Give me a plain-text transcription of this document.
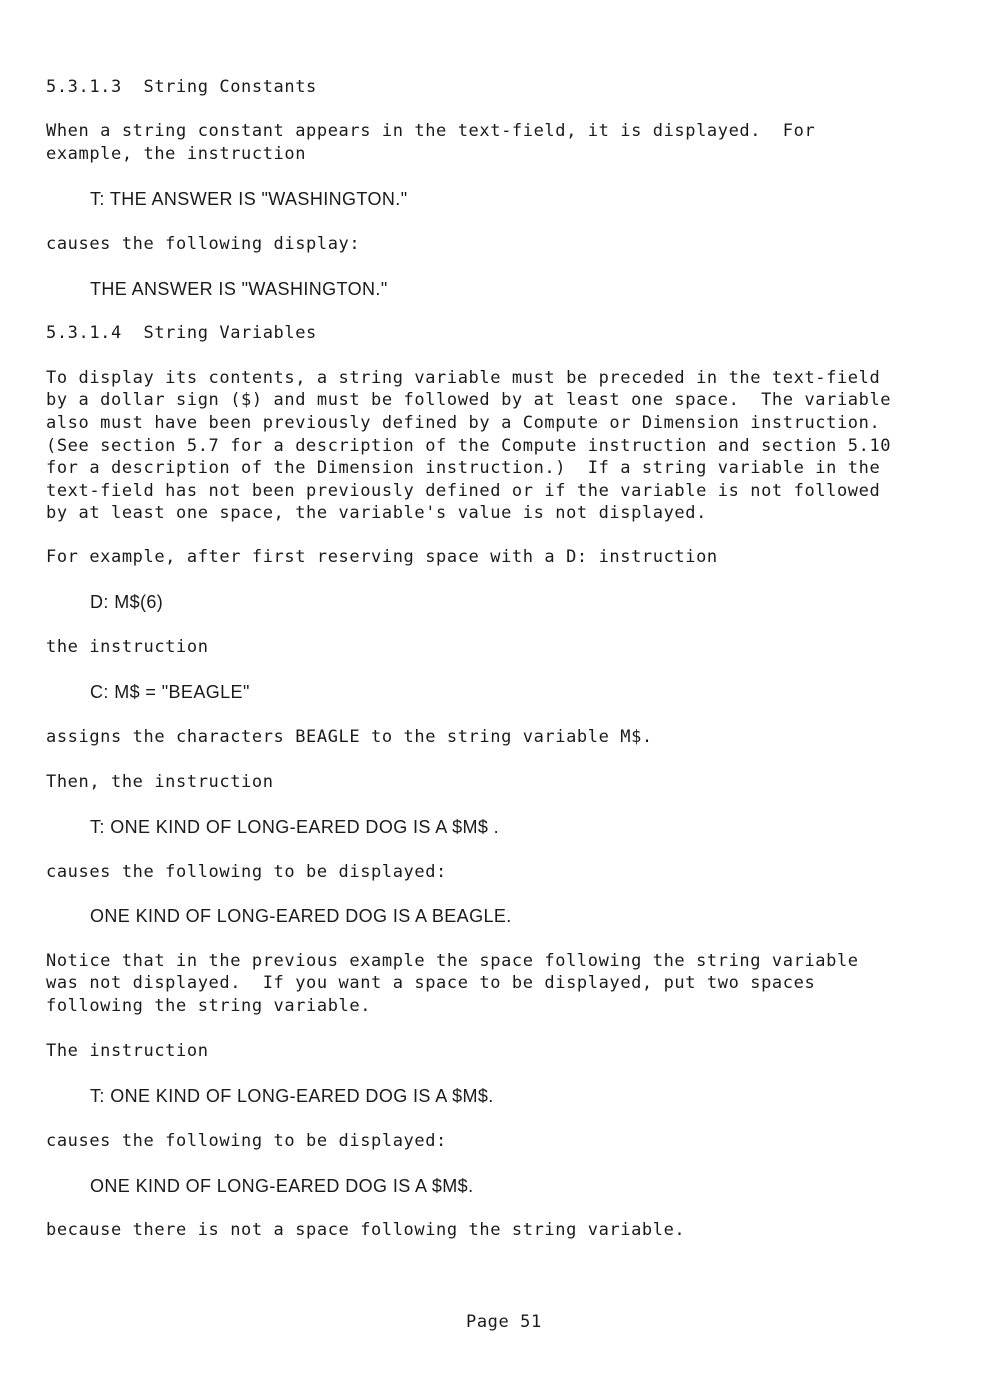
5.3.1.3  String Constants
When a string constant appears in the text-field, it is displayed.  For
example, the instruction
T: THE ANSWER IS "WASHINGTON."
causes the following display:
THE ANSWER IS "WASHINGTON."
5.3.1.4  String Variables
To display its contents, a string variable must be preceded in the text-field
by a dollar sign ($) and must be followed by at least one space.  The variable
also must have been previously defined by a Compute or Dimension instruction.
(See section 5.7 for a description of the Compute instruction and section 5.10
for a description of the Dimension instruction.)  If a string variable in the
text-field has not been previously defined or if the variable is not followed
by at least one space, the variable's value is not displayed.
For example, after first reserving space with a D: instruction
D: M$(6)
the instruction
C: M$ = "BEAGLE"
assigns the characters BEAGLE to the string variable M$.
Then, the instruction
T: ONE KIND OF LONG-EARED DOG IS A $M$ .
causes the following to be displayed:
ONE KIND OF LONG-EARED DOG IS A BEAGLE.
Notice that in the previous example the space following the string variable
was not displayed.  If you want a space to be displayed, put two spaces
following the string variable.
The instruction
T: ONE KIND OF LONG-EARED DOG IS A $M$.
causes the following to be displayed:
ONE KIND OF LONG-EARED DOG IS A $M$.
because there is not a space following the string variable.
Page 51
